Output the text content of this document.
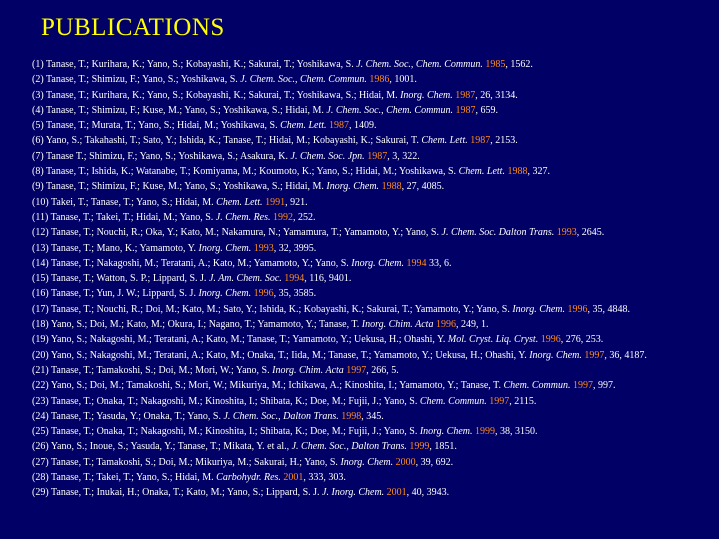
PUBLICATIONS
(1) Tanase, T.; Kurihara, K.; Yano, S.; Kobayashi, K.; Sakurai, T.; Yoshikawa, S. J. Chem. Soc., Chem. Commun. 1985, 1562.
(2) Tanase, T.; Shimizu, F.; Yano, S.; Yoshikawa, S. J. Chem. Soc., Chem. Commun. 1986, 1001.
(3) Tanase, T.; Kurihara, K.; Yano, S.; Kobayashi, K.; Sakurai, T.; Yoshikawa, S.; Hidai, M. Inorg. Chem. 1987, 26, 3134.
(4) Tanase, T.; Shimizu, F.; Kuse, M.; Yano, S.; Yoshikawa, S.; Hidai, M. J. Chem. Soc., Chem. Commun. 1987, 659.
(5) Tanase, T.; Murata, T.; Yano, S.; Hidai, M.; Yoshikawa, S. Chem. Lett. 1987, 1409.
(6) Yano, S.; Takahashi, T.; Sato, Y.; Ishida, K.; Tanase, T.; Hidai, M.; Kobayashi, K.; Sakurai, T. Chem. Lett. 1987, 2153.
(7) Tanase T.; Shimizu, F.; Yano, S.; Yoshikawa, S.; Asakura, K. J. Chem. Soc. Jpn. 1987, 3, 322.
(8) Tanase, T.; Ishida, K.; Watanabe, T.; Komiyama, M.; Koumoto, K.; Yano, S.; Hidai, M.; Yoshikawa, S. Chem. Lett. 1988, 327.
(9) Tanase, T.; Shimizu, F.; Kuse, M.; Yano, S.; Yoshikawa, S.; Hidai, M. Inorg. Chem. 1988, 27, 4085.
(10) Takei, T.; Tanase, T.; Yano, S.; Hidai, M. Chem. Lett. 1991, 921.
(11) Tanase, T.; Takei, T.; Hidai, M.; Yano, S. J. Chem. Res. 1992, 252.
(12) Tanase, T.; Nouchi, R.; Oka, Y.; Kato, M.; Nakamura, N.; Yamamura, T.; Yamamoto, Y.; Yano, S. J. Chem. Soc. Dalton Trans. 1993, 2645.
(13) Tanase, T.; Mano, K.; Yamamoto, Y. Inorg. Chem. 1993, 32, 3995.
(14) Tanase, T.; Nakagoshi, M.; Teratani, A.; Kato, M.; Yamamoto, Y.; Yano, S. Inorg. Chem. 1994 33, 6.
(15) Tanase, T.; Watton, S. P.; Lippard, S. J. J. Am. Chem. Soc. 1994, 116, 9401.
(16) Tanase, T.; Yun, J. W.; Lippard, S. J. Inorg. Chem. 1996, 35, 3585.
(17) Tanase, T.; Nouchi, R.; Doi, M.; Kato, M.; Sato, Y.; Ishida, K.; Kobayashi, K.; Sakurai, T.; Yamamoto, Y.; Yano, S. Inorg. Chem. 1996, 35, 4848.
(18) Yano, S.; Doi, M.; Kato, M.; Okura, I.; Nagano, T.; Yamamoto, Y.; Tanase, T. Inorg. Chim. Acta 1996, 249, 1.
(19) Yano, S.; Nakagoshi, M.; Teratani, A.; Kato, M.; Tanase, T.; Yamamoto, Y.; Uekusa, H.; Ohashi, Y. Mol. Cryst. Liq. Cryst. 1996, 276, 253.
(20) Yano, S.; Nakagoshi, M.; Teratani, A.; Kato, M.; Onaka, T.; Iida, M.; Tanase, T.; Yamamoto, Y.; Uekusa, H.; Ohashi, Y. Inorg. Chem. 1997, 36, 4187.
(21) Tanase, T.; Tamakoshi, S.; Doi, M.; Mori, W.; Yano, S. Inorg. Chim. Acta 1997, 266, 5.
(22) Yano, S.; Doi, M.; Tamakoshi, S.; Mori, W.; Mikuriya, M.; Ichikawa, A.; Kinoshita, I.; Yamamoto, Y.; Tanase, T. Chem. Commun. 1997, 997.
(23) Tanase, T.; Onaka, T.; Nakagoshi, M.; Kinoshita, I.; Shibata, K.; Doe, M.; Fujii, J.; Yano, S. Chem. Commun. 1997, 2115.
(24) Tanase, T.; Yasuda, Y.; Onaka, T.; Yano, S. J. Chem. Soc., Dalton Trans. 1998, 345.
(25) Tanase, T.; Onaka, T.; Nakagoshi, M.; Kinoshita, I.; Shibata, K.; Doe, M.; Fujii, J.; Yano, S. Inorg. Chem. 1999, 38, 3150.
(26) Yano, S.; Inoue, S.; Yasuda, Y.; Tanase, T.; Mikata, Y. et al., J. Chem. Soc., Dalton Trans. 1999, 1851.
(27) Tanase, T.; Tamakoshi, S.; Doi, M.; Mikuriya, M.; Sakurai, H.; Yano, S. Inorg. Chem. 2000, 39, 692.
(28) Tanase, T.; Takei, T.; Yano, S.; Hidai, M. Carbohydr. Res. 2001, 333, 303.
(29) Tanase, T.; Inukai, H.; Onaka, T.; Kato, M.; Yano, S.; Lippard, S. J. J. Inorg. Chem. 2001, 40, 3943.
